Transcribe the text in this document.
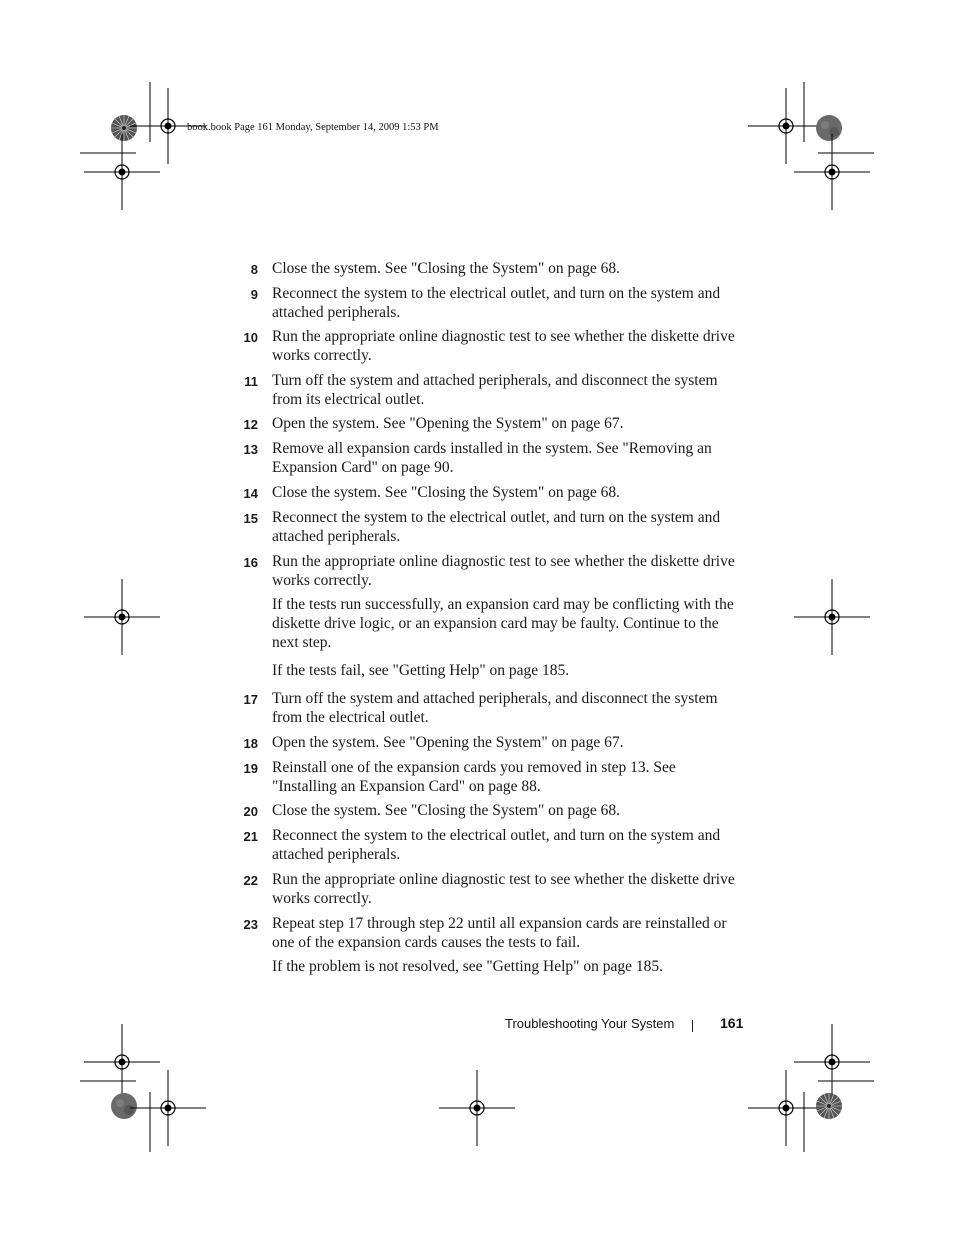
book.book Page 161 Monday, September 14, 2009 1:53 PM
8 Close the system. See "Closing the System" on page 68.
9 Reconnect the system to the electrical outlet, and turn on the system and attached peripherals.
10 Run the appropriate online diagnostic test to see whether the diskette drive works correctly.
11 Turn off the system and attached peripherals, and disconnect the system from its electrical outlet.
12 Open the system. See "Opening the System" on page 67.
13 Remove all expansion cards installed in the system. See "Removing an Expansion Card" on page 90.
14 Close the system. See "Closing the System" on page 68.
15 Reconnect the system to the electrical outlet, and turn on the system and attached peripherals.
16 Run the appropriate online diagnostic test to see whether the diskette drive works correctly.
If the tests run successfully, an expansion card may be conflicting with the diskette drive logic, or an expansion card may be faulty. Continue to the next step.
If the tests fail, see "Getting Help" on page 185.
17 Turn off the system and attached peripherals, and disconnect the system from the electrical outlet.
18 Open the system. See "Opening the System" on page 67.
19 Reinstall one of the expansion cards you removed in step 13. See "Installing an Expansion Card" on page 88.
20 Close the system. See "Closing the System" on page 68.
21 Reconnect the system to the electrical outlet, and turn on the system and attached peripherals.
22 Run the appropriate online diagnostic test to see whether the diskette drive works correctly.
23 Repeat step 17 through step 22 until all expansion cards are reinstalled or one of the expansion cards causes the tests to fail.
If the problem is not resolved, see "Getting Help" on page 185.
Troubleshooting Your System	161
